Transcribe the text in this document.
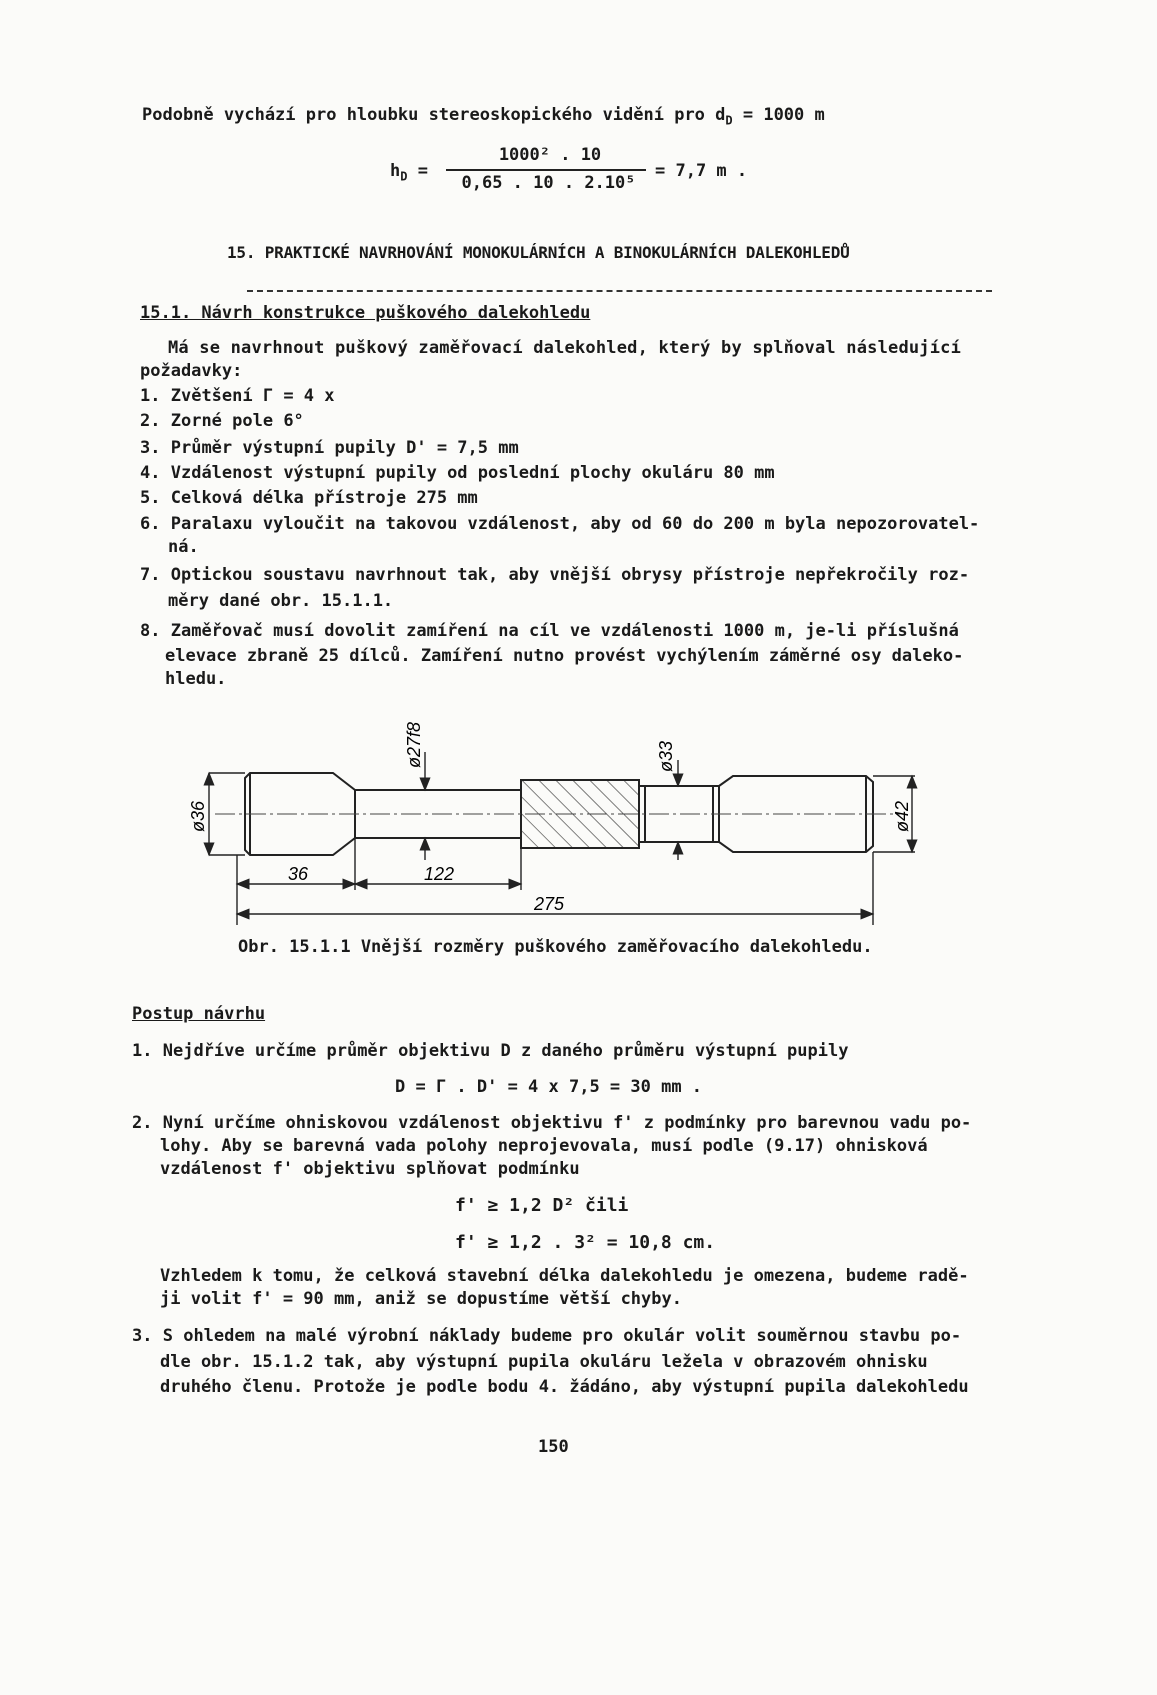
Podobně vychází pro hloubku stereoskopického vidění pro $d_D = 1000$ m
$h_D$ =
1000² . 10
0,65 . 10 . 2.10⁵
= 7,7 m .
15. PRAKTICKÉ NAVRHOVÁNÍ MONOKULÁRNÍCH A BINOKULÁRNÍCH DALEKOHLEDŮ
15.1. Návrh konstrukce puškového dalekohledu
Má se navrhnout puškový zaměřovací dalekohled, který by splňoval následující
požadavky:
1. Zvětšení Γ = 4 x
2. Zorné pole 6°
3. Průměr výstupní pupily D' = 7,5 mm
4. Vzdálenost výstupní pupily od poslední plochy okuláru 80 mm
5. Celková délka přístroje 275 mm
6. Paralaxu vyloučit na takovou vzdálenost, aby od 60 do 200 m byla nepozorovatel-
ná.
7. Optickou soustavu navrhnout tak, aby vnější obrysy přístroje nepřekročily roz-
měry dané obr. 15.1.1.
8. Zaměřovač musí dovolit zamíření na cíl ve vzdálenosti 1000 m, je-li příslušná
elevace zbraně 25 dílců. Zamíření nutno provést vychýlením záměrné osy daleko-
hledu.
ø27f8	ø33
ø36	ø42
36	122
275
Obr. 15.1.1 Vnější rozměry puškového zaměřovacího dalekohledu.
Postup návrhu
1. Nejdříve určíme průměr objektivu D z daného průměru výstupní pupily
D = Γ . D' = 4 x 7,5 = 30 mm .
2. Nyní určíme ohniskovou vzdálenost objektivu f' z podmínky pro barevnou vadu po-
lohy. Aby se barevná vada polohy neprojevovala, musí podle (9.17) ohnisková
vzdálenost f' objektivu splňovat podmínku
f' ≥ 1,2 D² čili
f' ≥ 1,2 . 3² = 10,8 cm.
Vzhledem k tomu, že celková stavební délka dalekohledu je omezena, budeme radě-
ji volit f' = 90 mm, aniž se dopustíme větší chyby.
3. S ohledem na malé výrobní náklady budeme pro okulár volit souměrnou stavbu po-
dle obr. 15.1.2 tak, aby výstupní pupila okuláru ležela v obrazovém ohnisku
druhého členu. Protože je podle bodu 4. žádáno, aby výstupní pupila dalekohledu
150
